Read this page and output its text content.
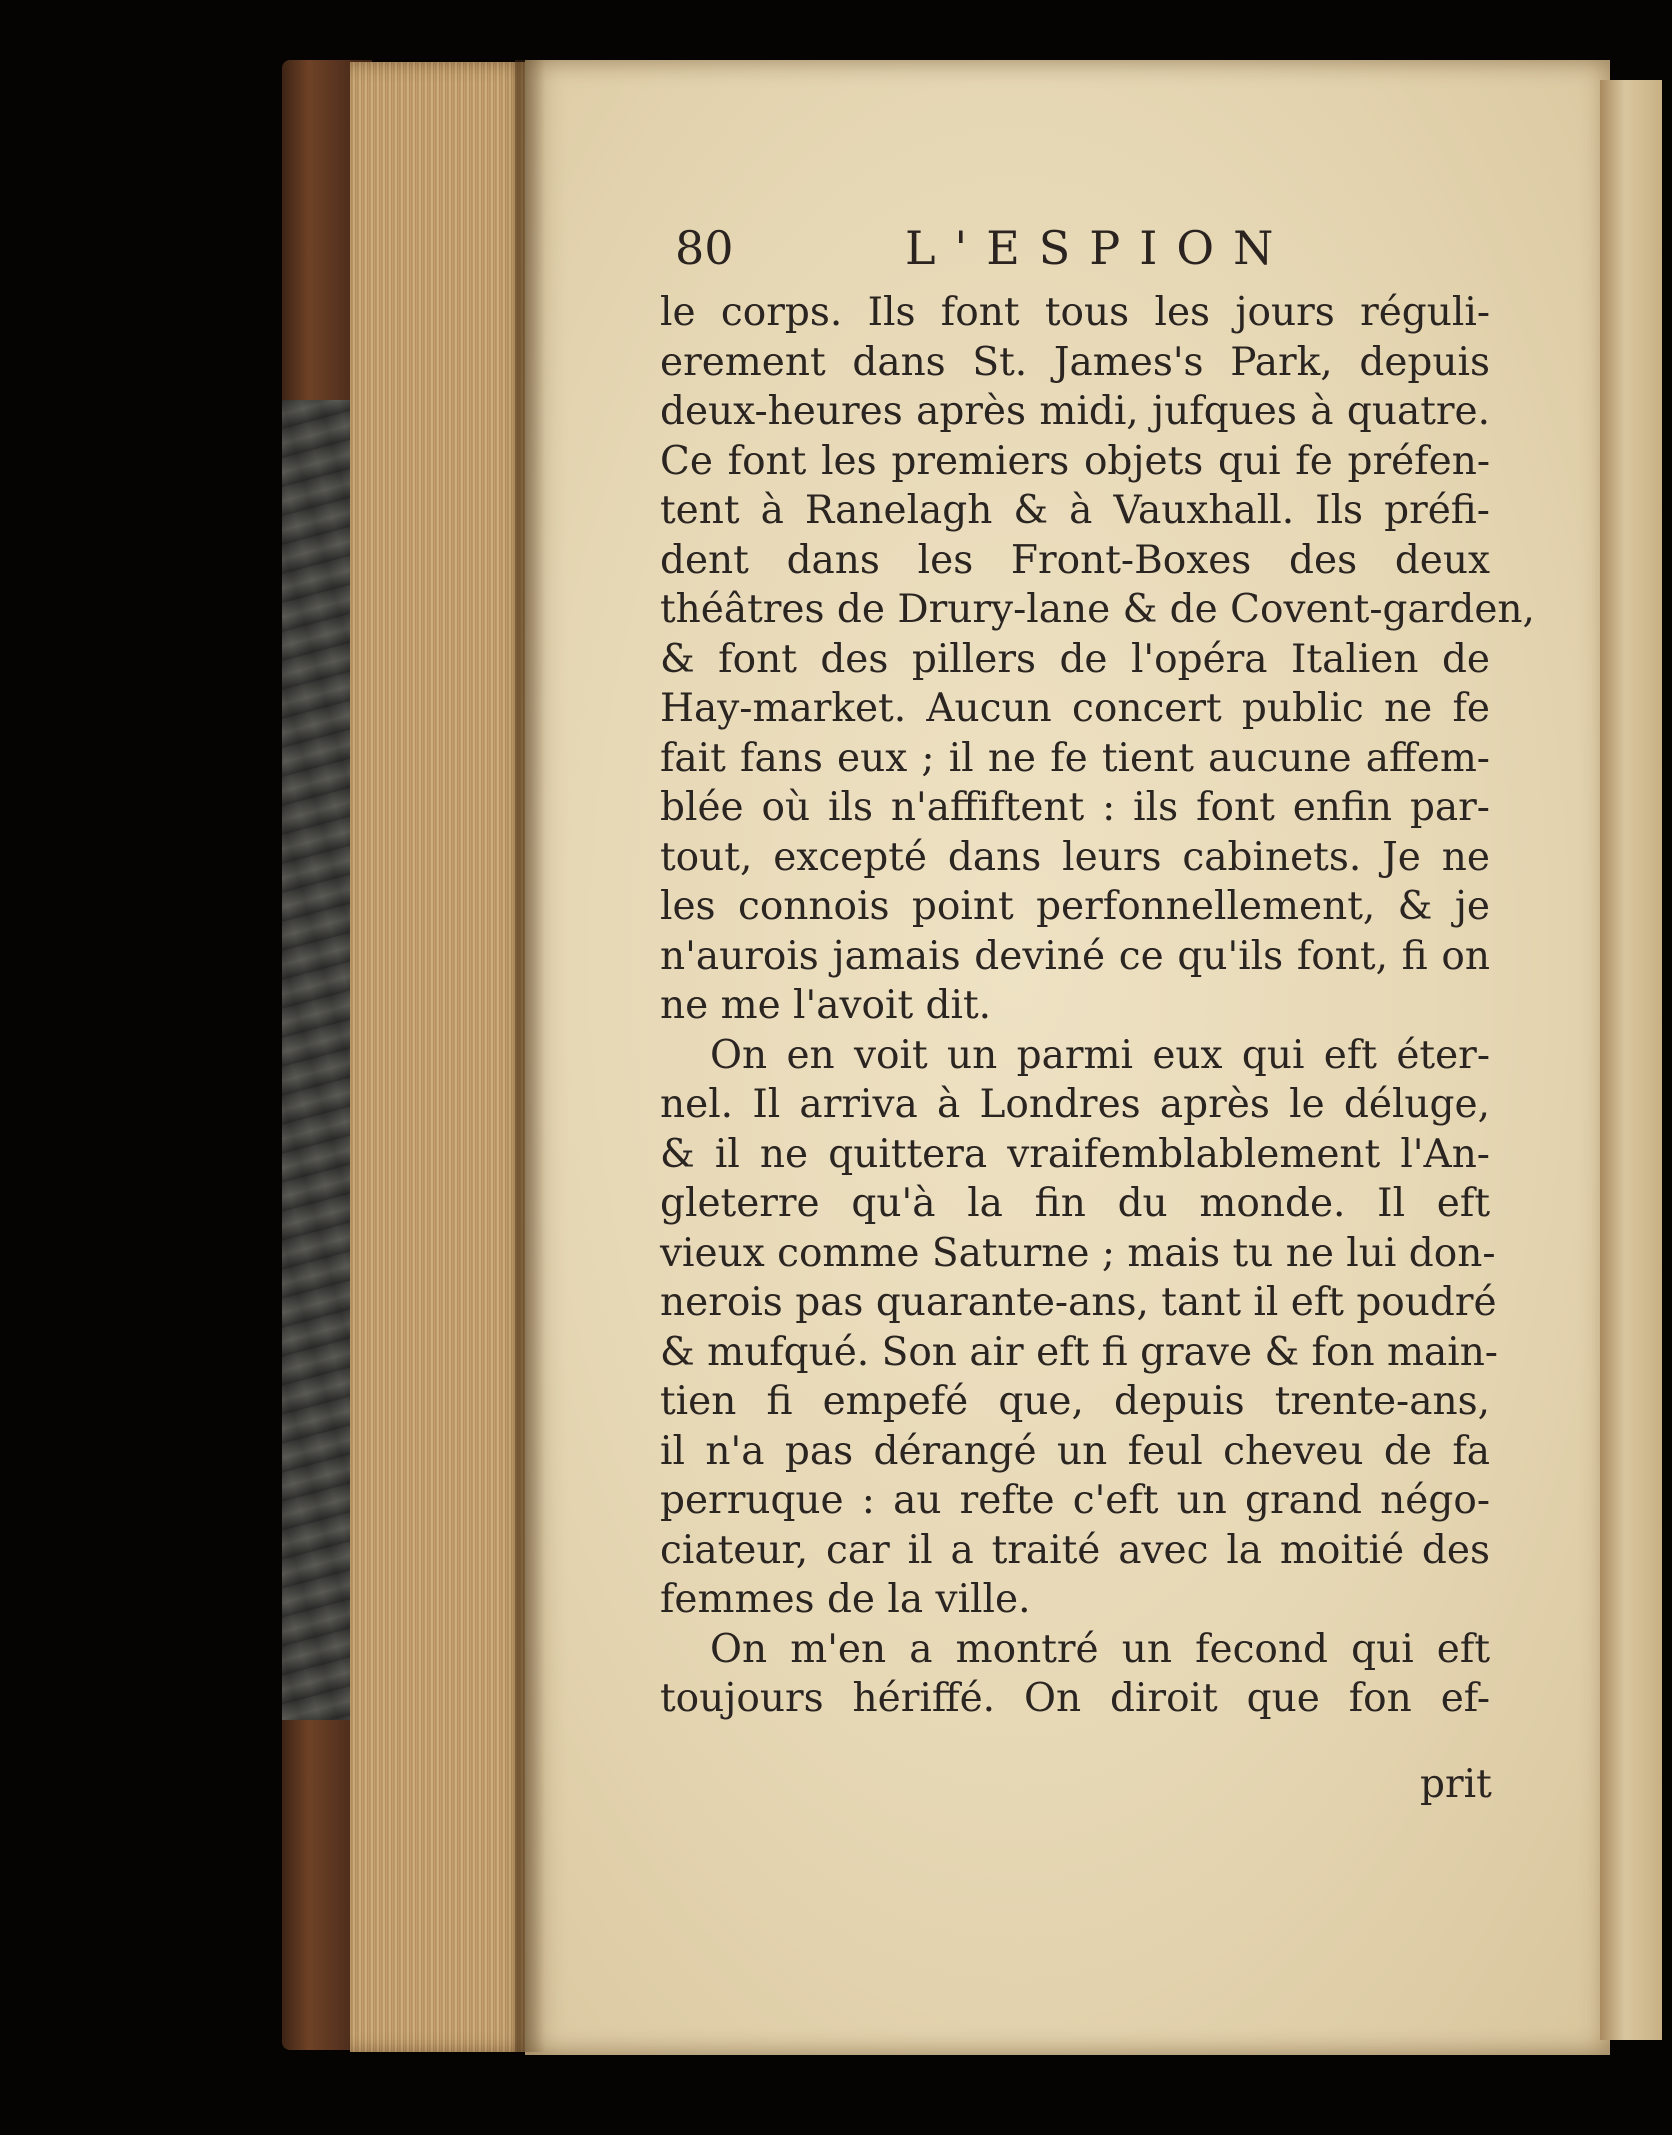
80	L'ESPION
le corps. Ils font tous les jours réguli-
erement dans St. James's Park, depuis
deux-heures après midi, jufques à quatre.
Ce font les premiers objets qui fe préfen-
tent à Ranelagh & à Vauxhall. Ils préfi-
dent dans les Front-Boxes des deux
théâtres de Drury-lane & de Covent-garden,
& font des pillers de l'opéra Italien de
Hay-market. Aucun concert public ne fe
fait fans eux ; il ne fe tient aucune affem-
blée où ils n'affiftent : ils font enfin par-
tout, excepté dans leurs cabinets. Je ne
les connois point perfonnellement, & je
n'aurois jamais deviné ce qu'ils font, fi on
ne me l'avoit dit.
On en voit un parmi eux qui eft éter-
nel. Il arriva à Londres après le déluge,
& il ne quittera vraifemblablement l'An-
gleterre qu'à la fin du monde. Il eft
vieux comme Saturne ; mais tu ne lui don-
nerois pas quarante-ans, tant il eft poudré
& mufqué. Son air eft fi grave & fon main-
tien fi empefé que, depuis trente-ans,
il n'a pas dérangé un feul cheveu de fa
perruque : au refte c'eft un grand négo-
ciateur, car il a traité avec la moitié des
femmes de la ville.
On m'en a montré un fecond qui eft
toujours hériffé. On diroit que fon ef-
prit
